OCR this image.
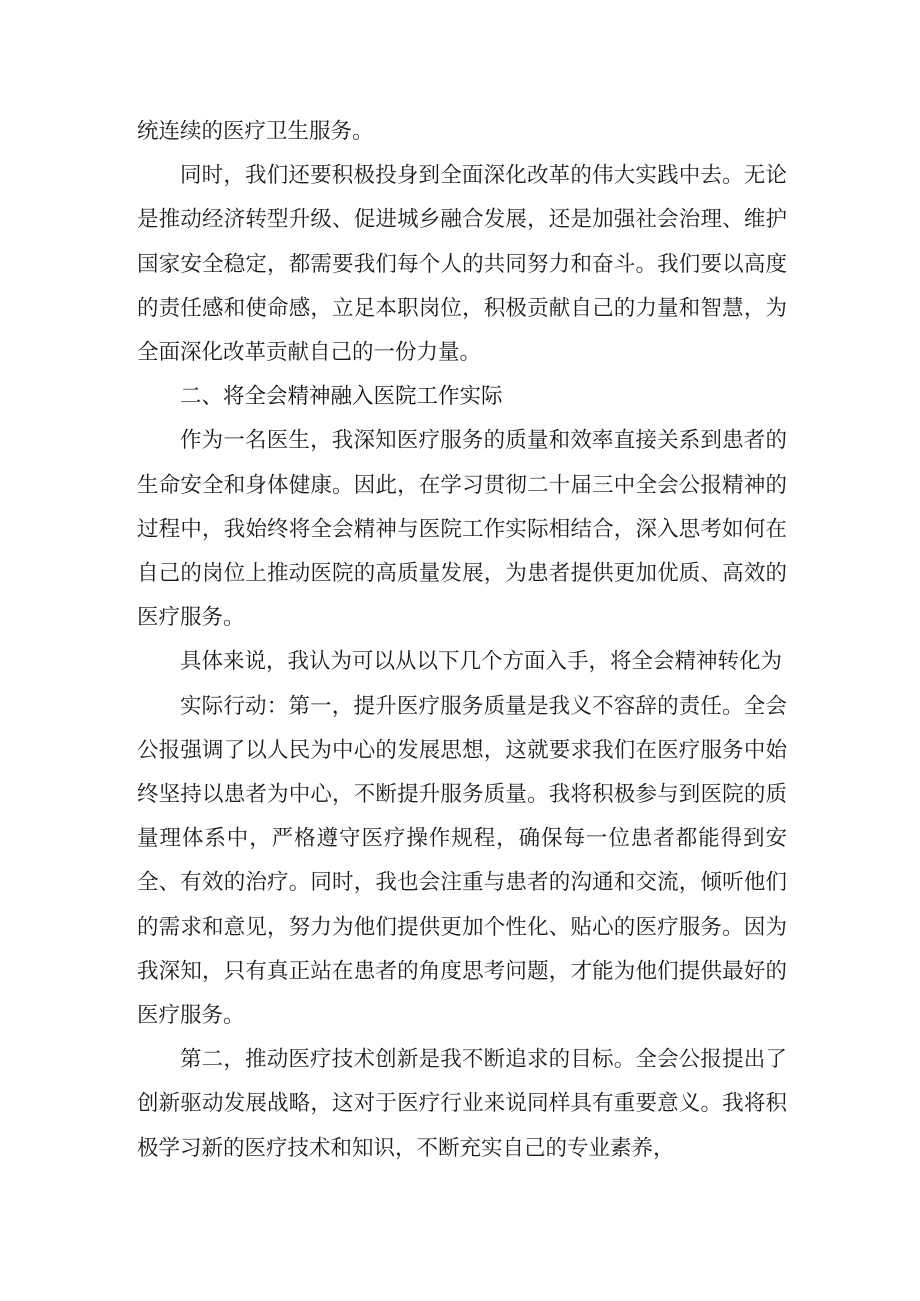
统连续的医疗卫生服务。

同时，我们还要积极投身到全面深化改革的伟大实践中去。无论是推动经济转型升级、促进城乡融合发展，还是加强社会治理、维护国家安全稳定，都需要我们每个人的共同努力和奋斗。我们要以高度的责任感和使命感，立足本职岗位，积极贡献自己的力量和智慧，为全面深化改革贡献自己的一份力量。

二、将全会精神融入医院工作实际

作为一名医生，我深知医疗服务的质量和效率直接关系到患者的生命安全和身体健康。因此，在学习贯彻二十届三中全会公报精神的过程中，我始终将全会精神与医院工作实际相结合，深入思考如何在自己的岗位上推动医院的高质量发展，为患者提供更加优质、高效的医疗服务。

具体来说，我认为可以从以下几个方面入手，将全会精神转化为

实际行动：第一，提升医疗服务质量是我义不容辞的责任。全会公报强调了以人民为中心的发展思想，这就要求我们在医疗服务中始终坚持以患者为中心，不断提升服务质量。我将积极参与到医院的质量理体系中，严格遵守医疗操作规程，确保每一位患者都能得到安全、有效的治疗。同时，我也会注重与患者的沟通和交流，倾听他们的需求和意见，努力为他们提供更加个性化、贴心的医疗服务。因为我深知，只有真正站在患者的角度思考问题，才能为他们提供最好的医疗服务。

第二，推动医疗技术创新是我不断追求的目标。全会公报提出了创新驱动发展战略，这对于医疗行业来说同样具有重要意义。我将积极学习新的医疗技术和知识，不断充实自己的专业素养，
